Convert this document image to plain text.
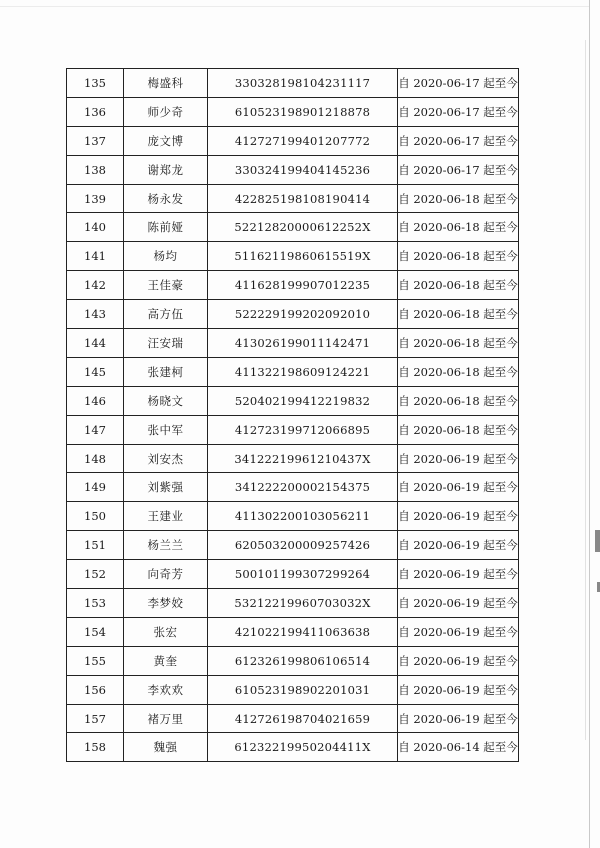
135	梅盛科	330328198104231117	自 2020-06-17 起至今
136	师少奇	610523198901218878	自 2020-06-17 起至今
137	庞文博	412727199401207772	自 2020-06-17 起至今
138	谢郑龙	330324199404145236	自 2020-06-17 起至今
139	杨永发	422825198108190414	自 2020-06-18 起至今
140	陈前娅	52212820000612252X	自 2020-06-18 起至今
141	杨均	51162119860615519X	自 2020-06-18 起至今
142	王佳豪	411628199907012235	自 2020-06-18 起至今
143	高方伍	522229199202092010	自 2020-06-18 起至今
144	汪安瑞	413026199011142471	自 2020-06-18 起至今
145	张建柯	411322198609124221	自 2020-06-18 起至今
146	杨晓文	520402199412219832	自 2020-06-18 起至今
147	张中军	412723199712066895	自 2020-06-18 起至今
148	刘安杰	34122219961210437X	自 2020-06-19 起至今
149	刘紫强	341222200002154375	自 2020-06-19 起至今
150	王建业	411302200103056211	自 2020-06-19 起至今
151	杨兰兰	620503200009257426	自 2020-06-19 起至今
152	向奇芳	500101199307299264	自 2020-06-19 起至今
153	李梦姣	53212219960703032X	自 2020-06-19 起至今
154	张宏	421022199411063638	自 2020-06-19 起至今
155	黄奎	612326199806106514	自 2020-06-19 起至今
156	李欢欢	610523198902201031	自 2020-06-19 起至今
157	褚万里	412726198704021659	自 2020-06-19 起至今
158	魏强	61232219950204411X	自 2020-06-14 起至今
